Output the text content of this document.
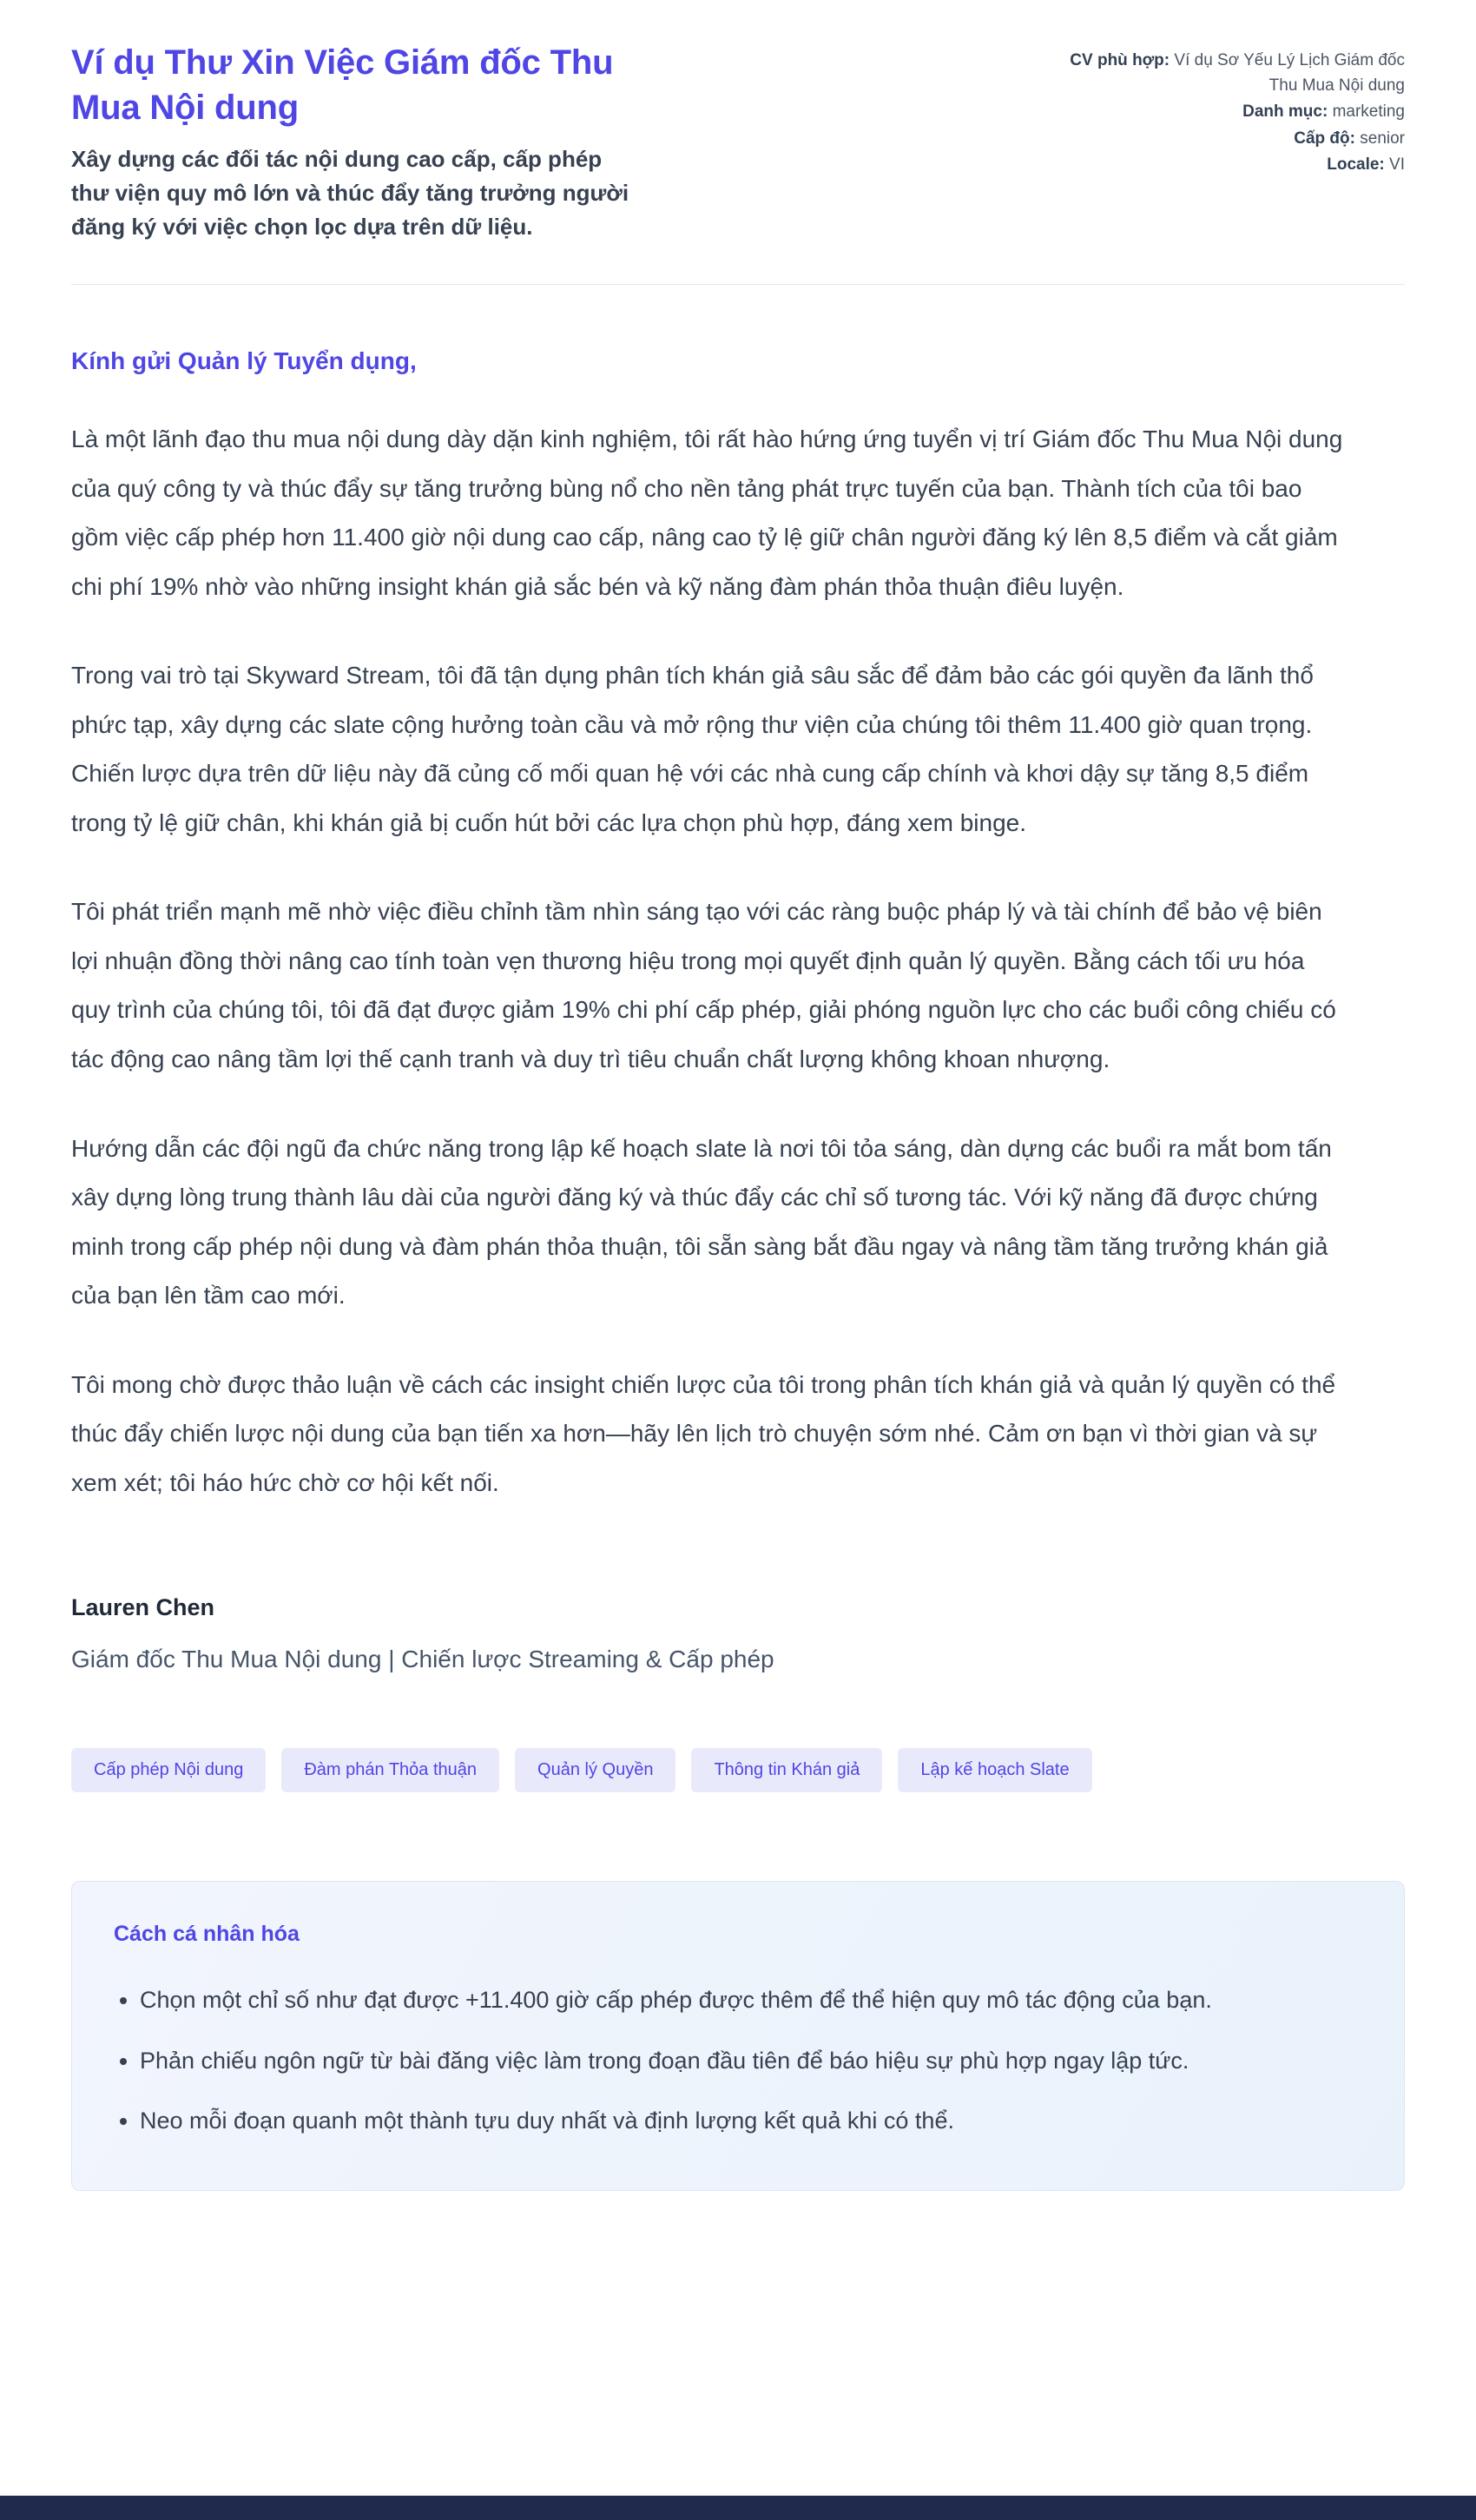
Ví dụ Thư Xin Việc Giám đốc Thu Mua Nội dung
Xây dựng các đối tác nội dung cao cấp, cấp phép thư viện quy mô lớn và thúc đẩy tăng trưởng người đăng ký với việc chọn lọc dựa trên dữ liệu.
CV phù hợp: Ví dụ Sơ Yếu Lý Lịch Giám đốc Thu Mua Nội dung
Danh mục: marketing
Cấp độ: senior
Locale: VI
Kính gửi Quản lý Tuyển dụng,

Là một lãnh đạo thu mua nội dung dày dặn kinh nghiệm, tôi rất hào hứng ứng tuyển vị trí Giám đốc Thu Mua Nội dung của quý công ty và thúc đẩy sự tăng trưởng bùng nổ cho nền tảng phát trực tuyến của bạn. Thành tích của tôi bao gồm việc cấp phép hơn 11.400 giờ nội dung cao cấp, nâng cao tỷ lệ giữ chân người đăng ký lên 8,5 điểm và cắt giảm chi phí 19% nhờ vào những insight khán giả sắc bén và kỹ năng đàm phán thỏa thuận điêu luyện.

Trong vai trò tại Skyward Stream, tôi đã tận dụng phân tích khán giả sâu sắc để đảm bảo các gói quyền đa lãnh thổ phức tạp, xây dựng các slate cộng hưởng toàn cầu và mở rộng thư viện của chúng tôi thêm 11.400 giờ quan trọng. Chiến lược dựa trên dữ liệu này đã củng cố mối quan hệ với các nhà cung cấp chính và khơi dậy sự tăng 8,5 điểm trong tỷ lệ giữ chân, khi khán giả bị cuốn hút bởi các lựa chọn phù hợp, đáng xem binge.

Tôi phát triển mạnh mẽ nhờ việc điều chỉnh tầm nhìn sáng tạo với các ràng buộc pháp lý và tài chính để bảo vệ biên lợi nhuận đồng thời nâng cao tính toàn vẹn thương hiệu trong mọi quyết định quản lý quyền. Bằng cách tối ưu hóa quy trình của chúng tôi, tôi đã đạt được giảm 19% chi phí cấp phép, giải phóng nguồn lực cho các buổi công chiếu có tác động cao nâng tầm lợi thế cạnh tranh và duy trì tiêu chuẩn chất lượng không khoan nhượng.

Hướng dẫn các đội ngũ đa chức năng trong lập kế hoạch slate là nơi tôi tỏa sáng, dàn dựng các buổi ra mắt bom tấn xây dựng lòng trung thành lâu dài của người đăng ký và thúc đẩy các chỉ số tương tác. Với kỹ năng đã được chứng minh trong cấp phép nội dung và đàm phán thỏa thuận, tôi sẵn sàng bắt đầu ngay và nâng tầm tăng trưởng khán giả của bạn lên tầm cao mới.

Tôi mong chờ được thảo luận về cách các insight chiến lược của tôi trong phân tích khán giả và quản lý quyền có thể thúc đẩy chiến lược nội dung của bạn tiến xa hơn—hãy lên lịch trò chuyện sớm nhé. Cảm ơn bạn vì thời gian và sự xem xét; tôi háo hức chờ cơ hội kết nối.

Lauren Chen
Giám đốc Thu Mua Nội dung | Chiến lược Streaming & Cấp phép
Cấp phép Nội dung	Đàm phán Thỏa thuận	Quản lý Quyền	Thông tin Khán giả	Lập kế hoạch Slate
Cách cá nhân hóa
• Chọn một chỉ số như đạt được +11.400 giờ cấp phép được thêm để thể hiện quy mô tác động của bạn.
• Phản chiếu ngôn ngữ từ bài đăng việc làm trong đoạn đầu tiên để báo hiệu sự phù hợp ngay lập tức.
• Neo mỗi đoạn quanh một thành tựu duy nhất và định lượng kết quả khi có thể.
